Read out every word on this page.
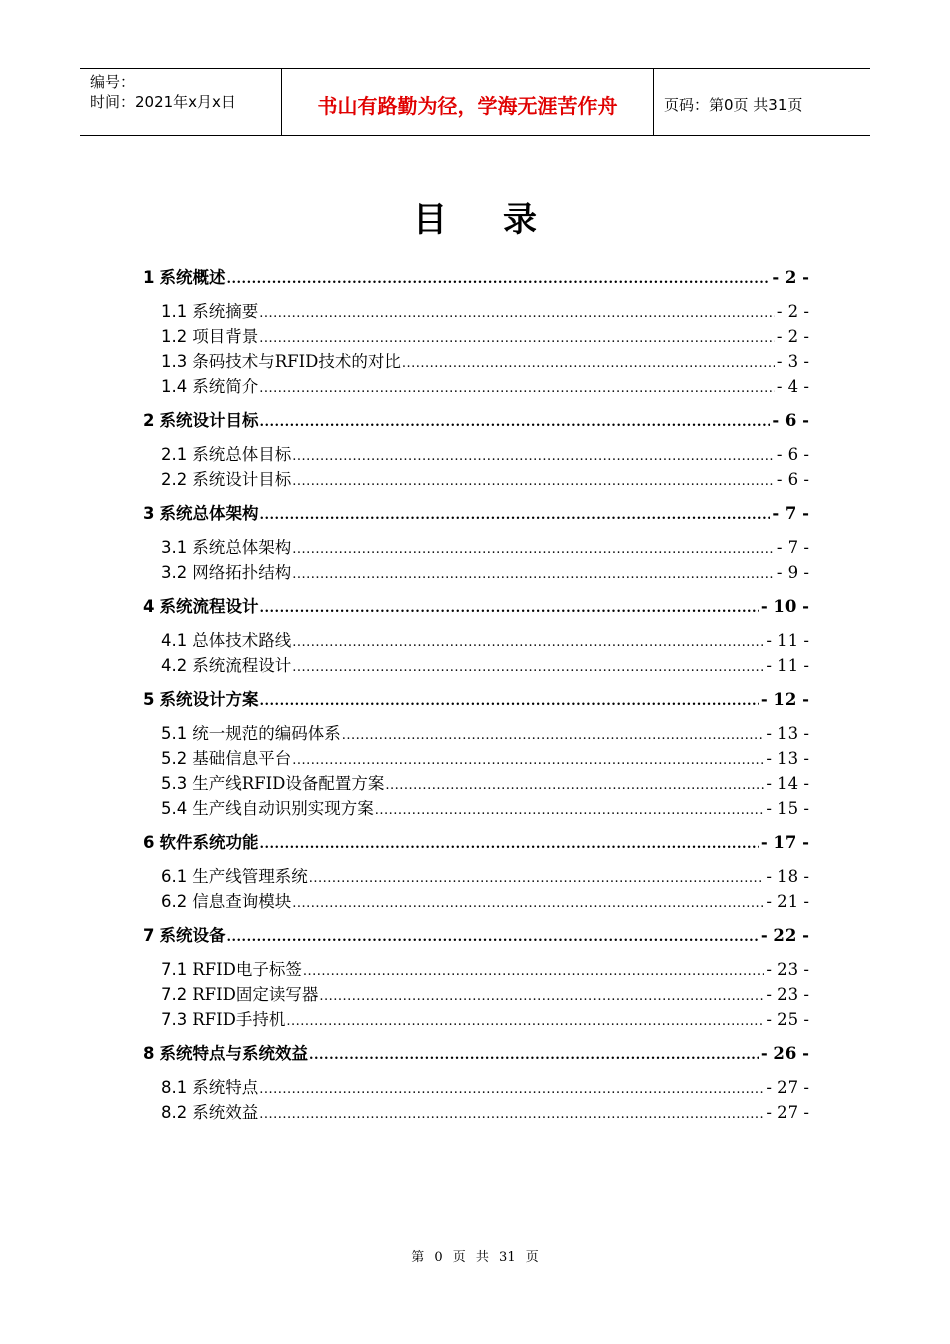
编号：
时间：2021年x月x日	书山有路勤为径，学海无涯苦作舟	页码：第0页 共31页
目录
1 系统概述 .....	- 2 -
1.1 系统摘要 .....	- 2 -
1.2 项目背景 .....	- 2 -
1.3 条码技术与RFID技术的对比 .....	- 3 -
1.4 系统简介 .....	- 4 -
2 系统设计目标 .....	- 6 -
2.1 系统总体目标 .....	- 6 -
2.2 系统设计目标 .....	- 6 -
3 系统总体架构 .....	- 7 -
3.1 系统总体架构 .....	- 7 -
3.2 网络拓扑结构 .....	- 9 -
4 系统流程设计 .....	- 10 -
4.1 总体技术路线 .....	- 11 -
4.2 系统流程设计 .....	- 11 -
5 系统设计方案 .....	- 12 -
5.1 统一规范的编码体系 .....	- 13 -
5.2 基础信息平台 .....	- 13 -
5.3 生产线RFID设备配置方案 .....	- 14 -
5.4 生产线自动识别实现方案 .....	- 15 -
6 软件系统功能 .....	- 17 -
6.1 生产线管理系统 .....	- 18 -
6.2 信息查询模块 .....	- 21 -
7 系统设备 .....	- 22 -
7.1 RFID电子标签 .....	- 23 -
7.2 RFID固定读写器 .....	- 23 -
7.3 RFID手持机 .....	- 25 -
8 系统特点与系统效益 .....	- 26 -
8.1 系统特点 .....	- 27 -
8.2 系统效益 .....	- 27 -
第 0 页 共 31 页
